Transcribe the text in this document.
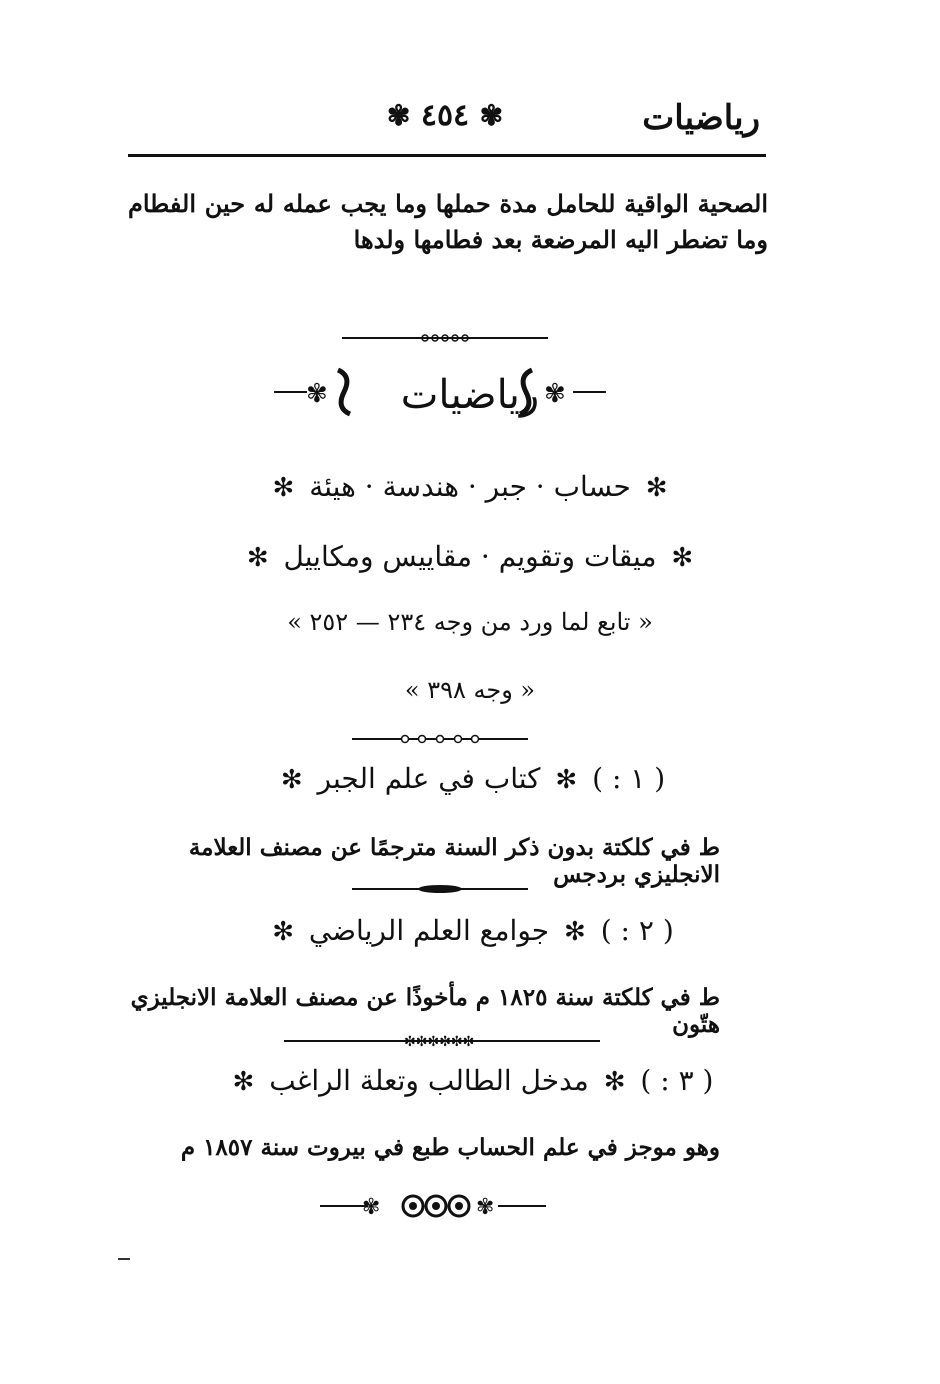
رياضيات
✾ ٤٥٤ ✾
الصحية الواقية للحامل مدة حملها وما يجب عمله له حين الفطام وما تضطر اليه المرضعة بعد فطامها ولدها
✾	رياضيات ✾
✻ حساب · جبر · هندسة · هيئة ✻
✻ ميقات وتقويم · مقاييس ومكاييل ✻
« تابع لما ورد من وجه ٢٣٤ — ٢٥٢ »
« وجه ٣٩٨ »
( ١ : ) ✻ كتاب في علم الجبر ✻
ط في كلكتة بدون ذكر السنة مترجمًا عن مصنف العلامة الانجليزي بردجس
( ٢ : ) ✻ جوامع العلم الرياضي ✻
ط في كلكتة سنة ١٨٢٥ م مأخوذًا عن مصنف العلامة الانجليزي هتّون
✻✻✻✻✻✻
( ٣ : ) ✻ مدخل الطالب وتعلة الراغب ✻
وهو موجز في علم الحساب طبع في بيروت سنة ١٨٥٧ م
✾	✾
